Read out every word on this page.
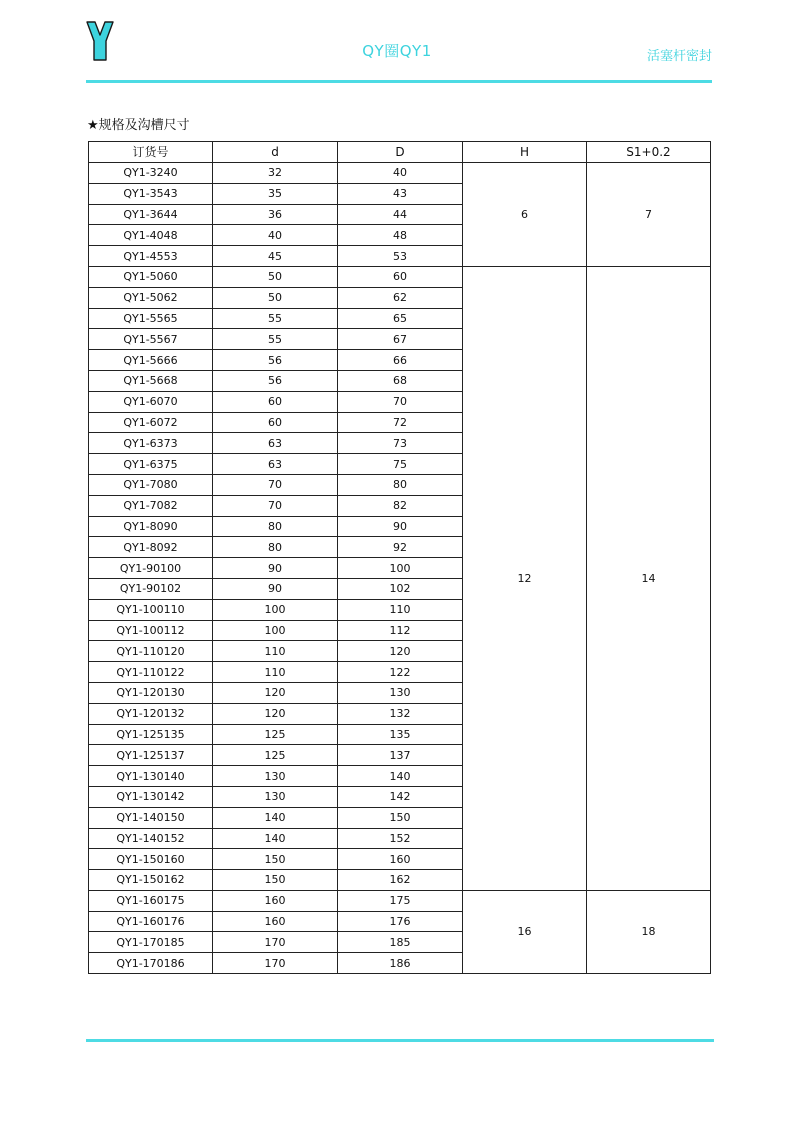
QY圈QY1	活塞杆密封
★规格及沟槽尺寸
订货号	d	D	H	S1+0.2
QY1-3240	32	40	6	7
QY1-3543	35	43		
QY1-3644	36	44		
QY1-4048	40	48		
QY1-4553	45	53		
QY1-5060	50	60	12	14
QY1-5062	50	62		
QY1-5565	55	65		
QY1-5567	55	67		
QY1-5666	56	66		
QY1-5668	56	68		
QY1-6070	60	70		
QY1-6072	60	72		
QY1-6373	63	73		
QY1-6375	63	75		
QY1-7080	70	80		
QY1-7082	70	82		
QY1-8090	80	90		
QY1-8092	80	92		
QY1-90100	90	100		
QY1-90102	90	102		
QY1-100110	100	110		
QY1-100112	100	112		
QY1-110120	110	120		
QY1-110122	110	122		
QY1-120130	120	130		
QY1-120132	120	132		
QY1-125135	125	135		
QY1-125137	125	137		
QY1-130140	130	140		
QY1-130142	130	142		
QY1-140150	140	150		
QY1-140152	140	152		
QY1-150160	150	160		
QY1-150162	150	162		
QY1-160175	160	175	16	18
QY1-160176	160	176		
QY1-170185	170	185		
QY1-170186	170	186		
